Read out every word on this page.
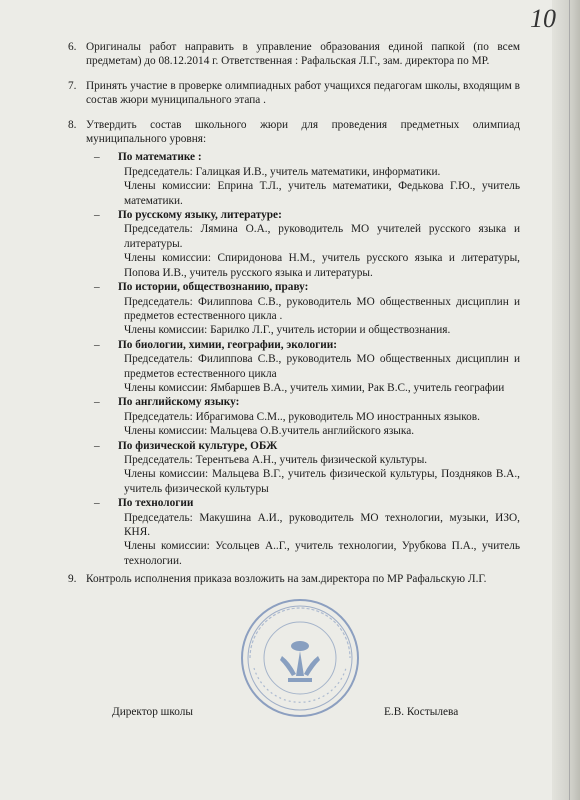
10
6. Оригиналы работ направить в управление образования единой папкой (по всем предметам) до 08.12.2014 г. Ответственная : Рафальская Л.Г., зам. директора по МР.
7. Принять участие в проверке олимпиадных работ учащихся педагогам школы, входящим в состав жюри муниципального этапа .
8. Утвердить состав школьного жюри для проведения предметных олимпиад муниципального уровня:
– По математике :
Председатель: Галицкая И.В., учитель математики, информатики.
Члены комиссии: Еприна Т.Л., учитель математики, Федькова Г.Ю., учитель математики.
– По русскому языку, литературе:
Председатель: Лямина О.А., руководитель МО учителей русского языка и литературы.
Члены комиссии: Спиридонова Н.М., учитель русского языка и литературы, Попова И.В., учитель русского языка и литературы.
– По истории, обществознанию, праву:
Председатель: Филиппова С.В., руководитель МО общественных дисциплин и предметов естественного цикла .
Члены комиссии: Барилко Л.Г., учитель истории и обществознания.
– По биологии, химии, географии, экологии:
Председатель: Филиппова С.В., руководитель МО общественных дисциплин и предметов естественного цикла
Члены комиссии: Ямбаршев В.А., учитель химии, Рак В.С., учитель географии
– По английскому языку:
Председатель: Ибрагимова С.М.., руководитель МО иностранных языков.
Члены комиссии: Мальцева О.В.учитель английского языка.
– По физической культуре, ОБЖ
Председатель: Терентьева А.Н., учитель физической культуры.
Члены комиссии: Мальцева В.Г., учитель физической культуры, Поздняков В.А., учитель физической культуры
– По технологии
Председатель: Макушина А.И., руководитель МО технологии, музыки, ИЗО, КНЯ.
Члены комиссии: Усольцев А..Г., учитель технологии, Урубкова П.А., учитель технологии.
9. Контроль исполнения приказа возложить на зам.директора по МР Рафальскую Л.Г.
Директор школы	Е.В. Костылева
